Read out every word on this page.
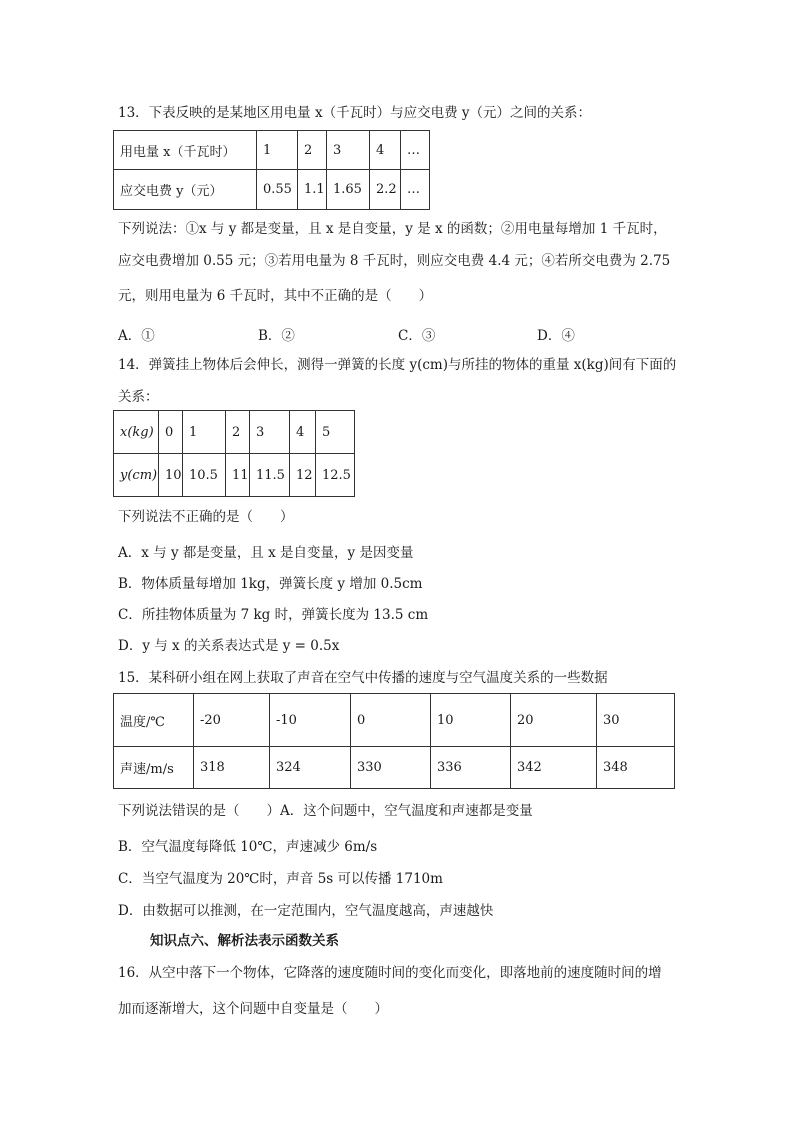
13．下表反映的是某地区用电量 x（千瓦时）与应交电费 y（元）之间的关系：
用电量 x（千瓦时）	1	2	3	4	…
应交电费 y（元）	0.55	1.1	1.65	2.2	…
下列说法：①x 与 y 都是变量，且 x 是自变量，y 是 x 的函数；②用电量每增加 1 千瓦时，
应交电费增加 0.55 元；③若用电量为 8 千瓦时，则应交电费 4.4 元；④若所交电费为 2.75
元，则用电量为 6 千瓦时，其中不正确的是（　　）
A．①	B．②	C．③	D．④
14．弹簧挂上物体后会伸长，测得一弹簧的长度 y(cm)与所挂的物体的重量 x(kg)间有下面的
关系：
x(kg)	0	1	2	3	4	5
y(cm)	10	10.5	11	11.5	12	12.5
下列说法不正确的是（　　）
A．x 与 y 都是变量，且 x 是自变量，y 是因变量
B．物体质量每增加 1kg，弹簧长度 y 增加 0.5cm
C．所挂物体质量为 7 kg 时，弹簧长度为 13.5 cm
D．y 与 x 的关系表达式是 y = 0.5x
15．某科研小组在网上获取了声音在空气中传播的速度与空气温度关系的一些数据
温度/℃	-20	-10	0	10	20	30
声速/m/s	318	324	330	336	342	348
下列说法错误的是（　　）A．这个问题中，空气温度和声速都是变量
B．空气温度每降低 10℃，声速减少 6m/s
C．当空气温度为 20℃时，声音 5s 可以传播 1710m
D．由数据可以推测，在一定范围内，空气温度越高，声速越快
知识点六、解析法表示函数关系
16．从空中落下一个物体，它降落的速度随时间的变化而变化，即落地前的速度随时间的增
加而逐渐增大，这个问题中自变量是（　　）
